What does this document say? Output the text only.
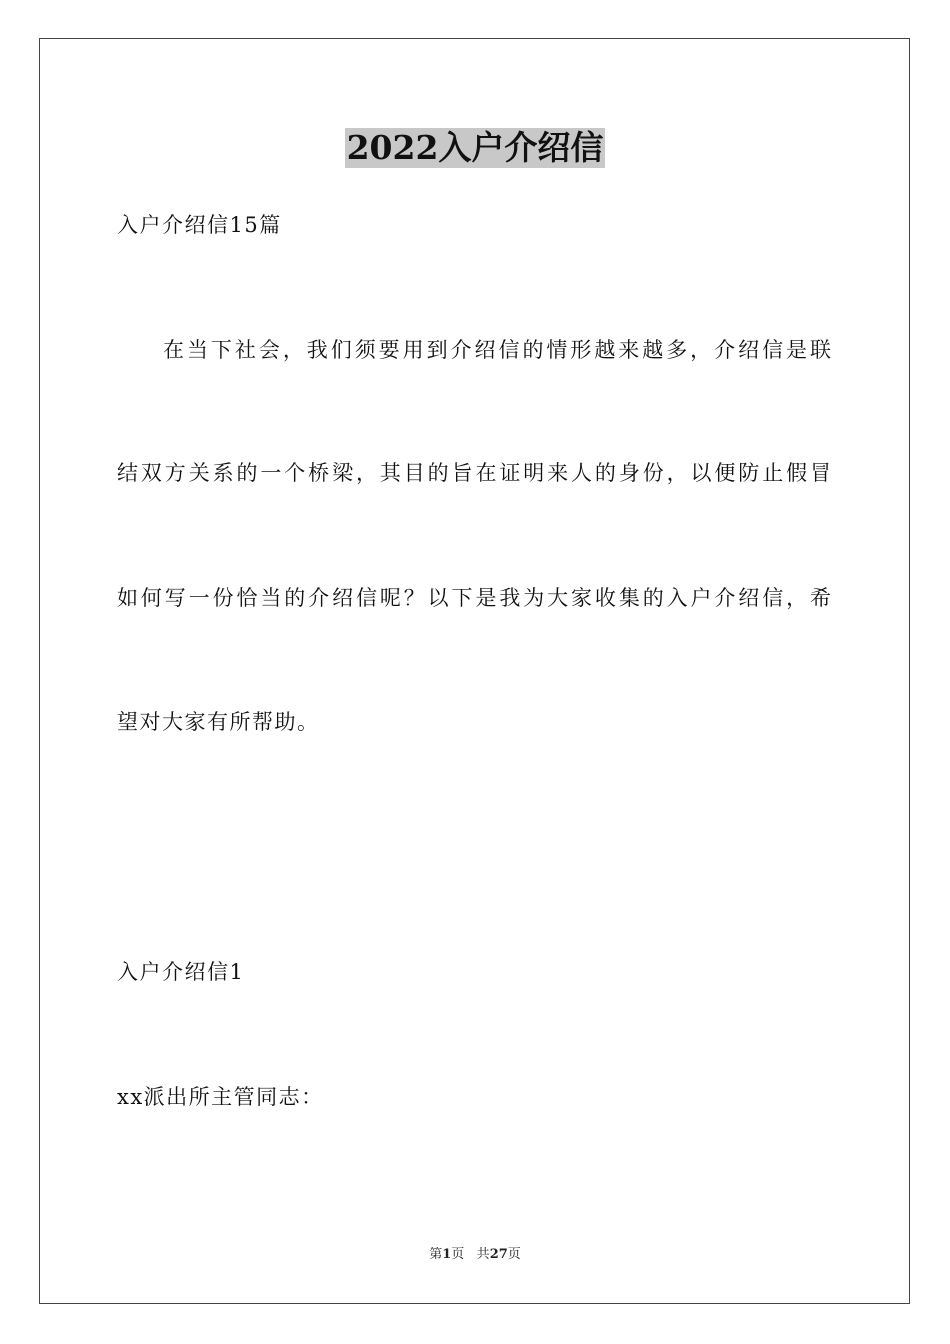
2022入户介绍信
入户介绍信15篇
在当下社会，我们须要用到介绍信的情形越来越多，介绍信是联
结双方关系的一个桥梁，其目的旨在证明来人的身份，以便防止假冒
如何写一份恰当的介绍信呢？以下是我为大家收集的入户介绍信，希
望对大家有所帮助。
入户介绍信1
xx派出所主管同志：
第1页 共27页
